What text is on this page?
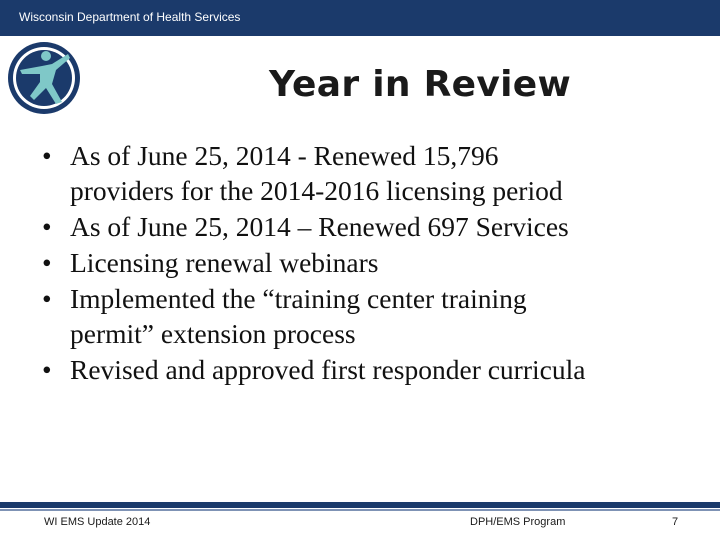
Wisconsin Department of Health Services
Year in Review
• As of June 25, 2014 - Renewed 15,796
providers for the 2014-2016 licensing period
• As of June 25, 2014 – Renewed 697 Services
• Licensing renewal webinars
• Implemented the “training center training
permit” extension process
• Revised and approved first responder curricula
WI EMS Update 2014	DPH/EMS Program	7
